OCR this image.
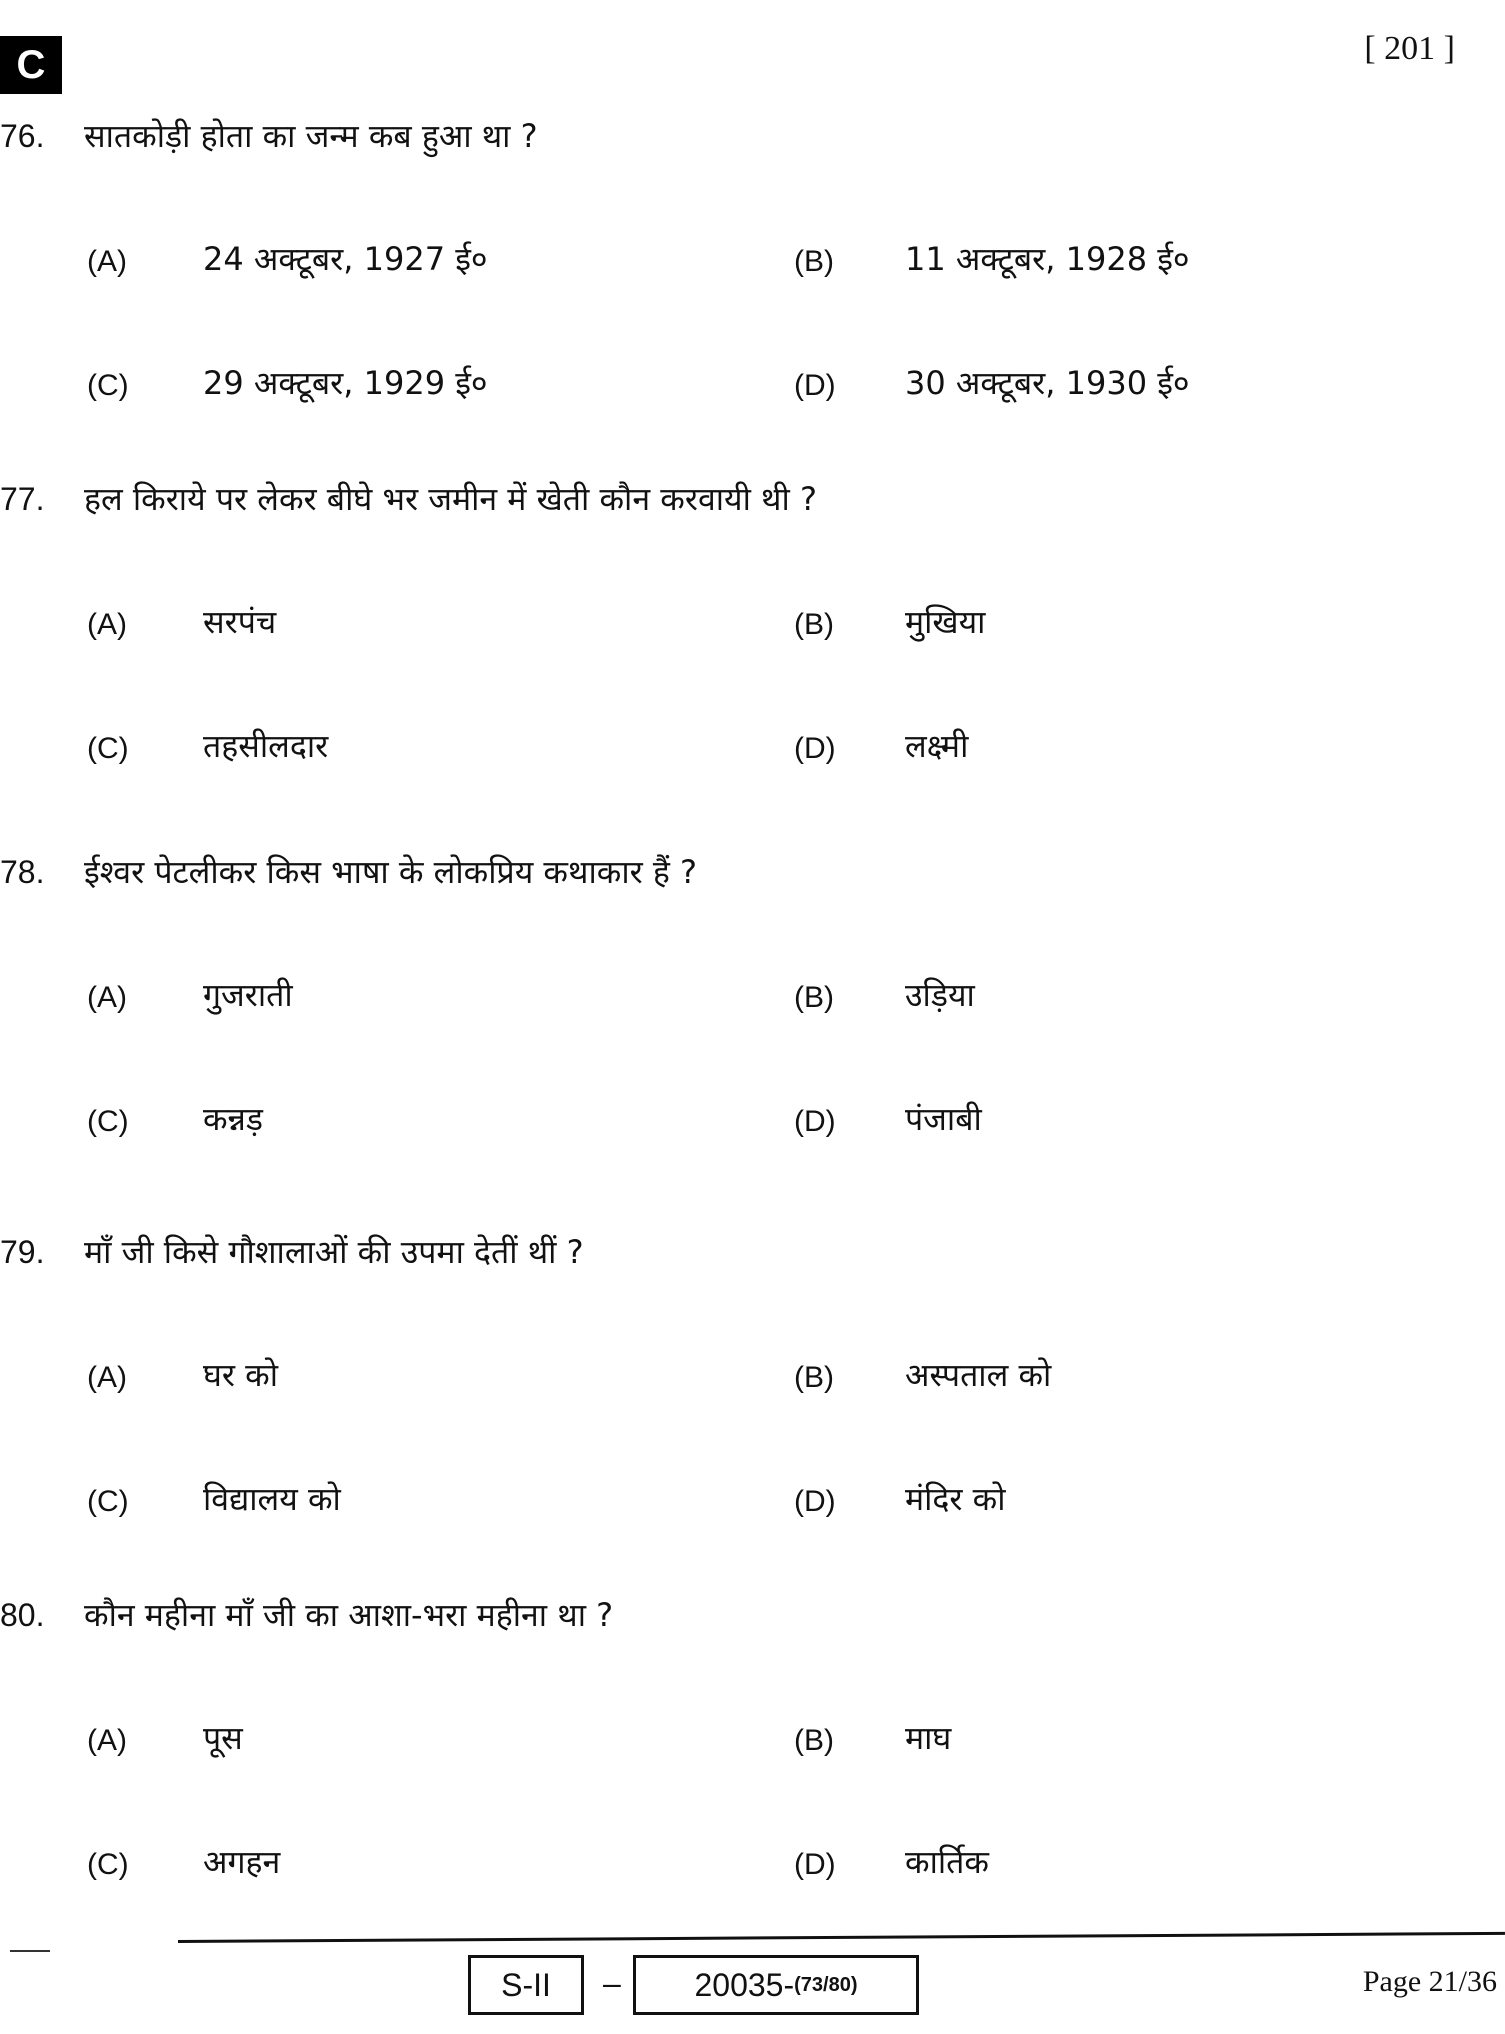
C	[ 201 ]
76. सातकोड़ी होता का जन्म कब हुआ था ?
(A) 24 अक्टूबर, 1927 ई०	(B) 11 अक्टूबर, 1928 ई०
(C) 29 अक्टूबर, 1929 ई०	(D) 30 अक्टूबर, 1930 ई०
77. हल किराये पर लेकर बीघे भर जमीन में खेती कौन करवायी थी ?
(A) सरपंच	(B) मुखिया
(C) तहसीलदार	(D) लक्ष्मी
78. ईश्वर पेटलीकर किस भाषा के लोकप्रिय कथाकार हैं ?
(A) गुजराती	(B) उड़िया
(C) कन्नड़	(D) पंजाबी
79. माँ जी किसे गौशालाओं की उपमा देतीं थीं ?
(A) घर को	(B) अस्पताल को
(C) विद्यालय को	(D) मंदिर को
80. कौन महीना माँ जी का आशा-भरा महीना था ?
(A) पूस	(B) माघ
(C) अगहन	(D) कार्तिक
S-II – 20035- (73/80)	Page 21/36
